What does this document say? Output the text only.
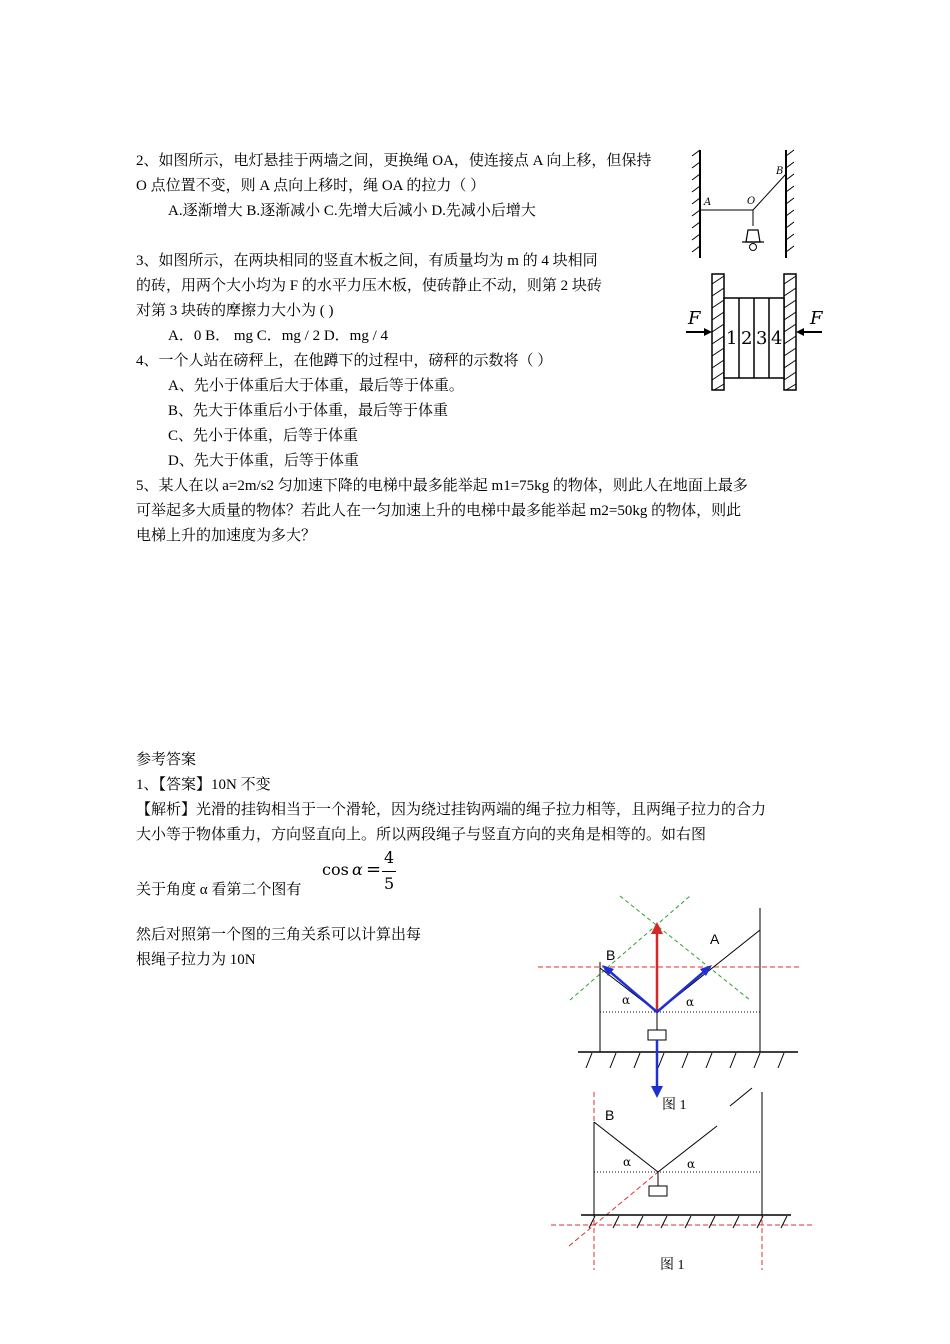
2、如图所示，电灯悬挂于两墙之间，更换绳 OA，使连接点 A 向上移，但保持
O 点位置不变，则 A 点向上移时，绳 OA 的拉力（ ）
A.逐渐增大 B.逐渐减小 C.先增大后减小 D.先减小后增大
3、如图所示，在两块相同的竖直木板之间，有质量均为 m 的 4 块相同
的砖，用两个大小均为 F 的水平力压木板，使砖静止不动，则第 2 块砖
对第 3 块砖的摩擦力大小为 ( )
A．0 B． mg C．mg / 2 D．mg / 4
4、一个人站在磅秤上，在他蹲下的过程中，磅秤的示数将（ ）
A、先小于体重后大于体重，最后等于体重。
B、先大于体重后小于体重，最后等于体重
C、先小于体重，后等于体重
D、先大于体重，后等于体重
5、某人在以 a=2m/s2 匀加速下降的电梯中最多能举起 m1=75kg 的物体，则此人在地面上最多
可举起多大质量的物体？若此人在一匀加速上升的电梯中最多能举起 m2=50kg 的物体，则此
电梯上升的加速度为多大？
参考答案
1、【答案】10N 不变
【解析】光滑的挂钩相当于一个滑轮，因为绕过挂钩两端的绳子拉力相等，且两绳子拉力的合力
大小等于物体重力，方向竖直向上。所以两段绳子与竖直方向的夹角是相等的。如右图
关于角度 α 看第二个图有
然后对照第一个图的三角关系可以计算出每
根绳子拉力为 10N
cos α =
4
5
A	O
B
1 2 3 4
F	F
B
A
α	α
图 1
B
α	α
图 1
